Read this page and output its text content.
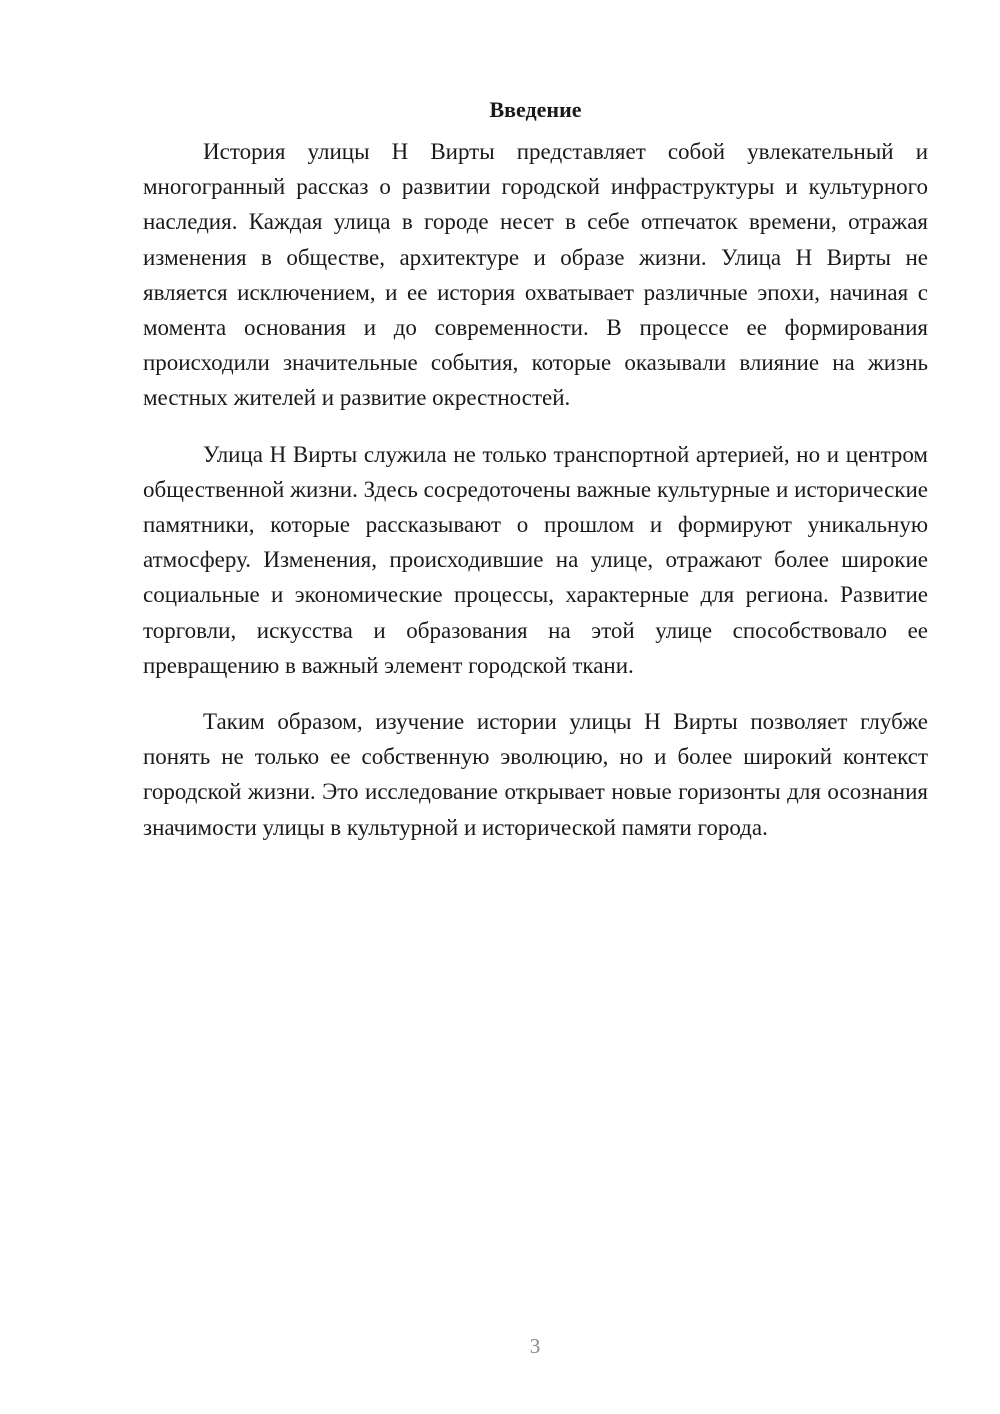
Введение

История улицы Н Вирты представляет собой увлекательный и многогранный рассказ о развитии городской инфраструктуры и культурного наследия. Каждая улица в городе несет в себе отпечаток времени, отражая изменения в обществе, архитектуре и образе жизни. Улица Н Вирты не является исключением, и ее история охватывает различные эпохи, начиная с момента основания и до современности. В процессе ее формирования происходили значительные события, которые оказывали влияние на жизнь местных жителей и развитие окрестностей.

Улица Н Вирты служила не только транспортной артерией, но и центром общественной жизни. Здесь сосредоточены важные культурные и исторические памятники, которые рассказывают о прошлом и формируют уникальную атмосферу. Изменения, происходившие на улице, отражают более широкие социальные и экономические процессы, характерные для региона. Развитие торговли, искусства и образования на этой улице способствовало ее превращению в важный элемент городской ткани.

Таким образом, изучение истории улицы Н Вирты позволяет глубже понять не только ее собственную эволюцию, но и более широкий контекст городской жизни. Это исследование открывает новые горизонты для осознания значимости улицы в культурной и исторической памяти города.

3
